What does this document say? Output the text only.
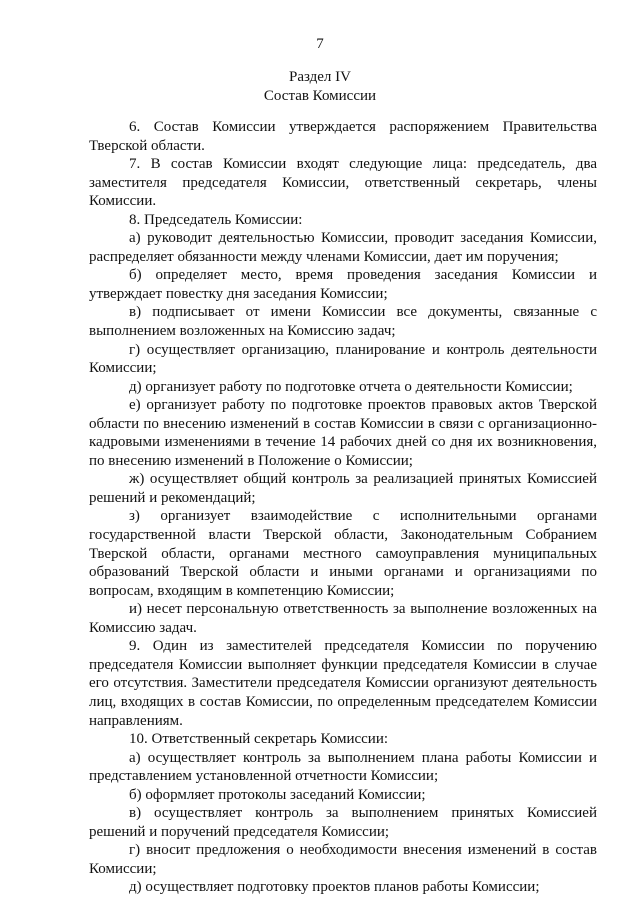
7
Раздел IV
Состав Комиссии

6. Состав Комиссии утверждается распоряжением Правительства Тверской области.

7. В состав Комиссии входят следующие лица: председатель, два заместителя председателя Комиссии, ответственный секретарь, члены Комиссии.

8. Председатель Комиссии:

а) руководит деятельностью Комиссии, проводит заседания Комиссии, распределяет обязанности между членами Комиссии, дает им поручения;

б) определяет место, время проведения заседания Комиссии и утверждает повестку дня заседания Комиссии;

в) подписывает от имени Комиссии все документы, связанные с выполнением возложенных на Комиссию задач;

г) осуществляет организацию, планирование и контроль деятельности Комиссии;

д) организует работу по подготовке отчета о деятельности Комиссии;

е) организует работу по подготовке проектов правовых актов Тверской области по внесению изменений в состав Комиссии в связи с организационно-кадровыми изменениями в течение 14 рабочих дней со дня их возникновения, по внесению изменений в Положение о Комиссии;

ж) осуществляет общий контроль за реализацией принятых Комиссией решений и рекомендаций;

з) организует взаимодействие с исполнительными органами государственной власти Тверской области, Законодательным Собранием Тверской области, органами местного самоуправления муниципальных образований Тверской области и иными органами и организациями по вопросам, входящим в компетенцию Комиссии;

и) несет персональную ответственность за выполнение возложенных на Комиссию задач.

9. Один из заместителей председателя Комиссии по поручению председателя Комиссии выполняет функции председателя Комиссии в случае его отсутствия. Заместители председателя Комиссии организуют деятельность лиц, входящих в состав Комиссии, по определенным председателем Комиссии направлениям.

10. Ответственный секретарь Комиссии:

а) осуществляет контроль за выполнением плана работы Комиссии и представлением установленной отчетности Комиссии;

б) оформляет протоколы заседаний Комиссии;

в) осуществляет контроль за выполнением принятых Комиссией решений и поручений председателя Комиссии;

г) вносит предложения о необходимости внесения изменений в состав Комиссии;

д) осуществляет подготовку проектов планов работы Комиссии;
